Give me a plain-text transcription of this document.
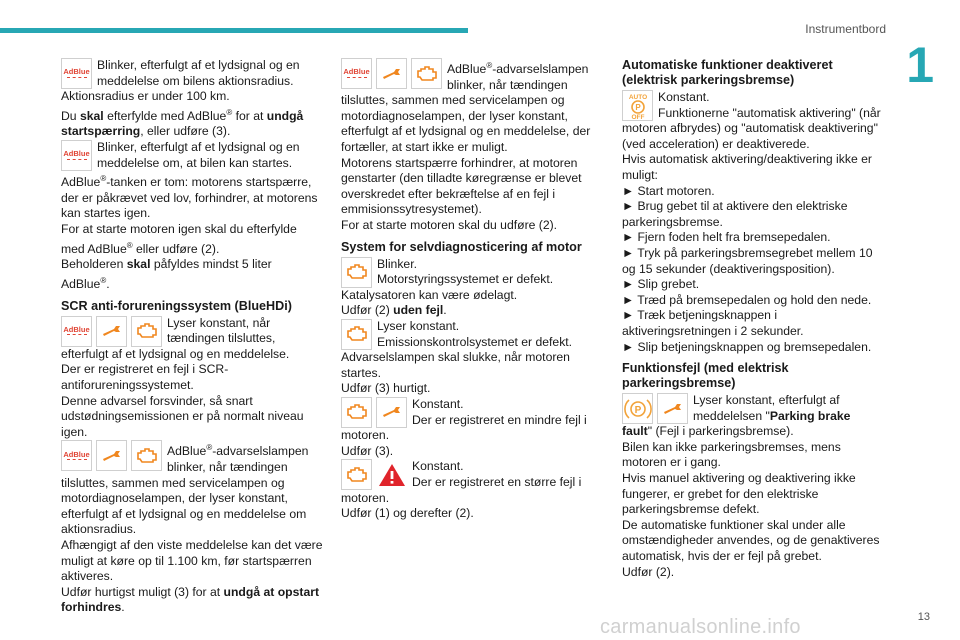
Instrumentbord
1
13
carmanualsonline.info
AdBlue Blinker, efterfulgt af et lydsignal og en meddelelse om bilens aktionsradius.

Aktionsradius er under 100 km.

Du skal efterfylde med AdBlue® for at undgå startspærring, eller udføre (3).

AdBlue Blinker, efterfulgt af et lydsignal og en meddelelse om, at bilen kan startes.

AdBlue®-tanken er tom: motorens startspærre, der er påkrævet ved lov, forhindrer, at motorens kan startes igen.

For at starte motoren igen skal du efterfylde med AdBlue® eller udføre (2).

Beholderen skal påfyldes mindst 5 liter AdBlue®.

SCR anti-forureningssystem (BlueHDi)
AdBlue	Lyser konstant, når tændingen tilsluttes,

efterfulgt af et lydsignal og en meddelelse.

Der er registreret en fejl i SCR-antiforureningssystemet.

Denne advarsel forsvinder, så snart udstødningsemissionen er på normalt niveau igen.

AdBlue	AdBlue®-advarselslampen blinker, når tændingen

tilsluttes, sammen med servicelampen og motordiagnoselampen, der lyser konstant, efterfulgt af et lydsignal og en meddelelse om aktionsradius.

Afhængigt af den viste meddelelse kan det være muligt at køre op til 1.100 km, før startspærren aktiveres.

Udfør hurtigst muligt (3) for at undgå at opstart forhindres.

AdBlue	AdBlue®-advarselslampen blinker, når tændingen

tilsluttes, sammen med servicelampen og motordiagnoselampen, der lyser konstant, efterfulgt af et lydsignal og en meddelelse, der fortæller, at start ikke er muligt.

Motorens startspærre forhindrer, at motoren genstarter (den tilladte køregrænse er blevet overskredet efter bekræftelse af en fejl i emmisionssytresystemet).

For at starte motoren skal du udføre (2).

System for selvdiagnosticering af motor

Blinker.
Motorstyringssystemet er defekt.

Katalysatoren kan være ødelagt.

Udfør (2) uden fejl.

Lyser konstant.
Emissionskontrolsystemet er defekt.

Advarselslampen skal slukke, når motoren startes.

Udfør (3) hurtigt.

Konstant.
Der er registreret en mindre fejl i

motoren.

Udfør (3).

Konstant.
Der er registreret en større fejl i

motoren.

Udfør (1) og derefter (2).

Automatiske funktioner deaktiveret (elektrisk parkeringsbremse)
AUTO
P
OFF

Konstant.
Funktionerne "automatisk aktivering" (når

motoren afbrydes) og "automatisk deaktivering" (ved acceleration) er deaktiverede.

Hvis automatisk aktivering/deaktivering ikke er muligt:

► Start motoren.

► Brug gebet til at aktivere den elektriske parkeringsbremse.

► Fjern foden helt fra bremsepedalen.

► Tryk på parkeringsbremsegrebet mellem 10 og 15 sekunder (deaktiveringsposition).

► Slip grebet.

► Træd på bremsepedalen og hold den nede.

► Træk betjeningsknappen i aktiveringsretningen i 2 sekunder.

► Slip betjeningsknappen og bremsepedalen.

Funktionsfejl (med elektrisk parkeringsbremse)
P

Lyser konstant, efterfulgt af
meddelelsen "Parking brake

fault" (Fejl i parkeringsbremse).

Bilen kan ikke parkeringsbremses, mens motoren er i gang.

Hvis manuel aktivering og deaktivering ikke fungerer, er grebet for den elektriske parkeringsbremse defekt.

De automatiske funktioner skal under alle omstændigheder anvendes, og de genaktiveres automatisk, hvis der er fejl på grebet.

Udfør (2).
